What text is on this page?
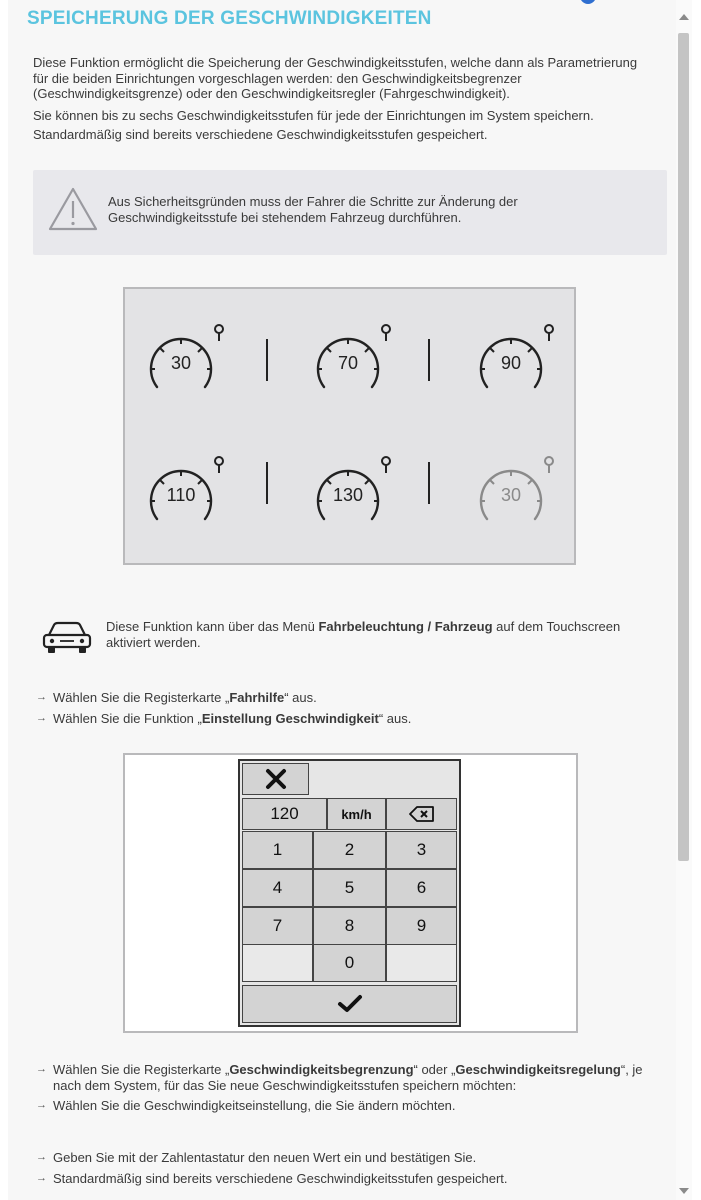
SPEICHERUNG DER GESCHWINDIGKEITEN

Diese Funktion ermöglicht die Speicherung der Geschwindigkeitsstufen, welche dann als Parametrierung für die beiden Einrichtungen vorgeschlagen werden: den Geschwindigkeitsbegrenzer (Geschwindigkeitsgrenze) oder den Geschwindigkeitsregler (Fahrgeschwindigkeit).

Sie können bis zu sechs Geschwindigkeitsstufen für jede der Einrichtungen im System speichern.

Standardmäßig sind bereits verschiedene Geschwindigkeitsstufen gespeichert.

Aus Sicherheitsgründen muss der Fahrer die Schritte zur Änderung der Geschwindigkeitsstufe bei stehendem Fahrzeug durchführen.
30	70	90
110	130	30
Diese Funktion kann über das Menü Fahrbeleuchtung / Fahrzeug auf dem Touchscreen aktiviert werden.
→ Wählen Sie die Registerkarte „Fahrhilfe“ aus.
→ Wählen Sie die Funktion „Einstellung Geschwindigkeit“ aus.
120	km/h
1	2	3
4	5	6
7	8	9
0
→ Wählen Sie die Registerkarte „Geschwindigkeitsbegrenzung“ oder „Geschwindigkeitsregelung“, je nach dem System, für das Sie neue Geschwindigkeitsstufen speichern möchten:
→ Wählen Sie die Geschwindigkeitseinstellung, die Sie ändern möchten.
→ Geben Sie mit der Zahlentastatur den neuen Wert ein und bestätigen Sie.
→ Standardmäßig sind bereits verschiedene Geschwindigkeitsstufen gespeichert.
